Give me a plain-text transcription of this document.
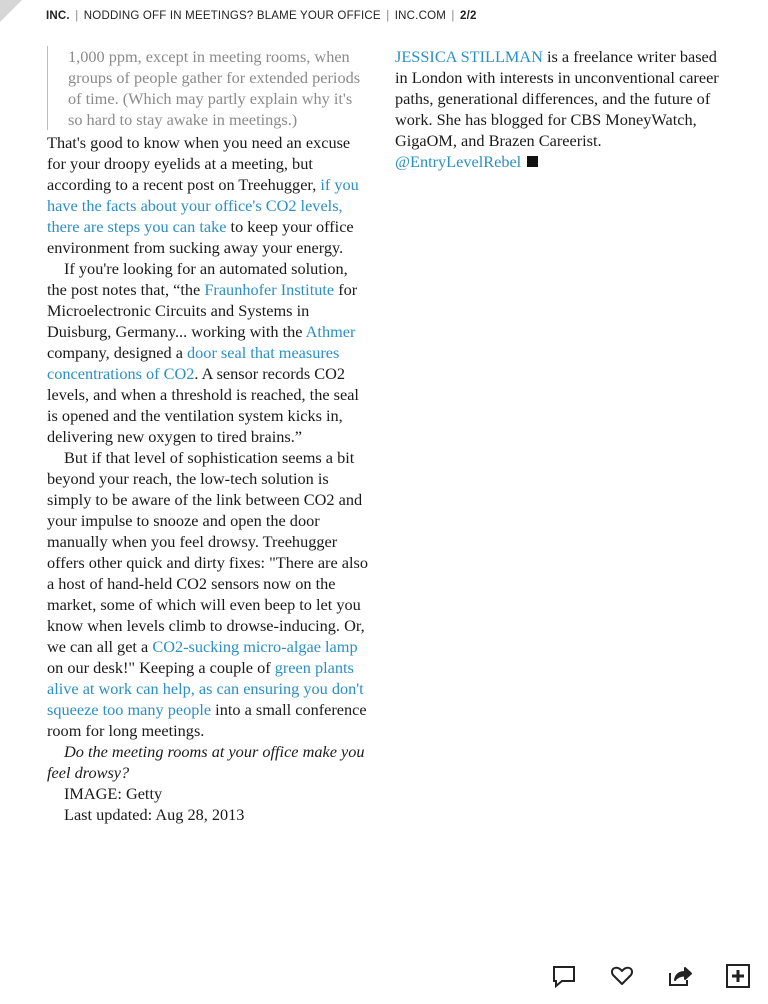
INC. | NODDING OFF IN MEETINGS? BLAME YOUR OFFICE | INC.COM | 2/2
1,000 ppm, except in meeting rooms, when groups of people gather for extended periods of time. (Which may partly explain why it's so hard to stay awake in meetings.)

That's good to know when you need an excuse for your droopy eyelids at a meeting, but according to a recent post on Treehugger, if you have the facts about your office's CO2 levels, there are steps you can take to keep your office environment from sucking away your energy.

If you're looking for an automated solution, the post notes that, “the Fraunhofer Institute for Microelectronic Circuits and Systems in Duisburg, Germany... working with the Athmer company, designed a door seal that measures concentrations of CO2. A sensor records CO2 levels, and when a threshold is reached, the seal is opened and the ventilation system kicks in, delivering new oxygen to tired brains.”

But if that level of sophistication seems a bit beyond your reach, the low-tech solution is simply to be aware of the link between CO2 and your impulse to snooze and open the door manually when you feel drowsy. Treehugger offers other quick and dirty fixes: "There are also a host of hand-held CO2 sensors now on the market, some of which will even beep to let you know when levels climb to drowse-inducing. Or, we can all get a CO2-sucking micro-algae lamp on our desk!" Keeping a couple of green plants alive at work can help, as can ensuring you don't squeeze too many people into a small conference room for long meetings.

Do the meeting rooms at your office make you feel drowsy?

IMAGE: Getty

Last updated: Aug 28, 2013

JESSICA STILLMAN is a freelance writer based in London with interests in unconventional career paths, generational differences, and the future of work. She has blogged for CBS MoneyWatch, GigaOM, and Brazen Careerist.

@EntryLevelRebel
